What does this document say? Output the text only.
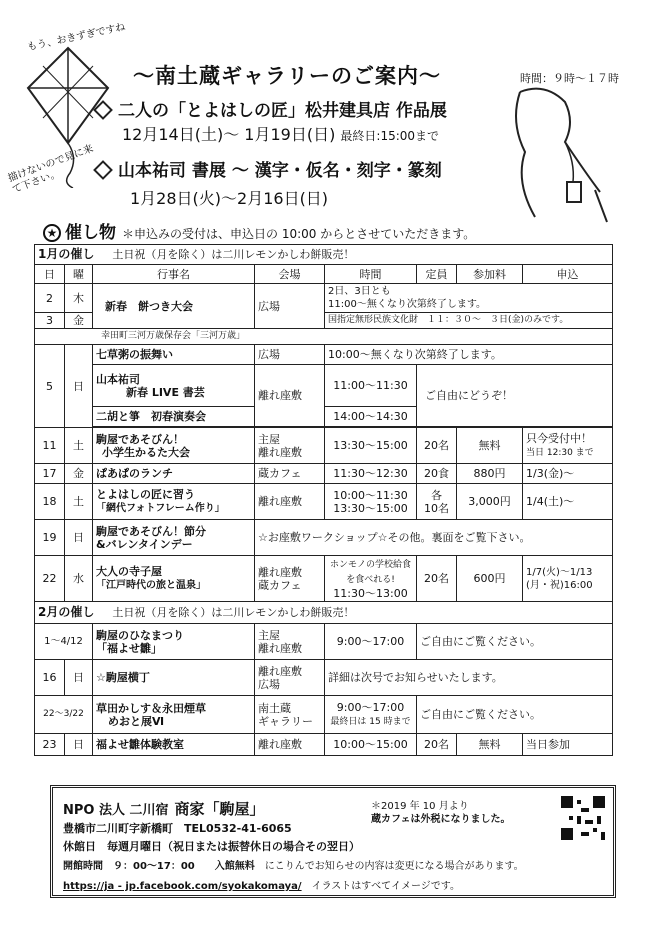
もう、おきずぎですね
描けないので見に来て下さい。
〜南土蔵ギャラリーのご案内〜	時間：９時〜１７時
二人の「とよはしの匠」松井建具店 作品展
12月14日(土)〜 1月19日(日) 最終日:15:00まで
山本祐司 書展 〜 漢字・仮名・刻字・篆刻
1月28日(火)〜2月16日(日)
★ 催し物 ＊申込みの受付は、申込日の 10:00 からとさせていただきます。
1月の催し 土日祝（月を除く）は二川レモンかしわ餅販売！							
日	曜	行事名	会場	時間	定員	参加料	申込
2	木	新春　餅つき大会	広場	2日、3日とも
11:00〜無くなり次第終了します。			
3	金			国指定無形民族文化財　 １１：３０〜　３日(金)のみです。			
幸田町三河万歳保存会「三河万歳」							
5	日	七草粥の振舞い	広場	10:00〜無くなり次第終了します。			
		山本祐司
新春 LIVE 書芸	離れ座敷	11:00〜11:30	ご自由にどうぞ！		
		二胡と箏　初春演奏会		14:00〜14:30			

11	土	駒屋であそびん！
小学生かるた大会	主屋
離れ座敷	13:30〜15:00	20名	無料	只今受付中！
当日 12:30 まで
17	金	ぱあぱのランチ	蔵カフェ	11:30〜12:30	20食	880円	1/3(金)〜
18	土	とよはしの匠に習う
「網代フォトフレーム作り」	離れ座敷	10:00〜11:30
13:30〜15:00	各
10名	3,000円	1/4(土)〜
19	日	駒屋であそびん！節分
&バレンタインデー	☆お座敷ワークショップ☆その他。裏面をご覧下さい。				
22	水	大人の寺子屋
「江戸時代の旅と温泉」	離れ座敷
蔵カフェ	ホンモノの学校給食を食べれる!
11:30〜13:00	20名	600円	1/7(火)〜1/13
(月・祝)16:00
2月の催し 土日祝（月を除く）は二川レモンかしわ餅販売！							
1〜4/12		駒屋のひなまつり
「福よせ雛」	主屋
離れ座敷	9:00〜17:00	ご自由にご覧ください。		
16	日	☆駒屋横丁	離れ座敷
広場	詳細は次号でお知らせいたします。			
22〜3/22		草田かしす＆永田煙草
めおと展Ⅵ	南土蔵
ギャラリー	9:00〜17:00
最終日は 15 時まで	ご自由にご覧ください。		
23	日	福よせ雛体験教室	離れ座敷	10:00〜15:00	20名	無料	当日参加
NPO 法人 二川宿 商家「駒屋」
豊橋市二川町字新橋町　TEL0532-41-6065
休館日　毎週月曜日（祝日または振替休日の場合その翌日）
開館時間　９：00〜17：00　　入館無料　 にこりんでお知らせの内容は変更になる場合があります。
https://ja - jp.facebook.com/syokakomaya/　 イラストはすべてイメージです。
＊2019 年 10 月より
蔵カフェは外税になりました。
